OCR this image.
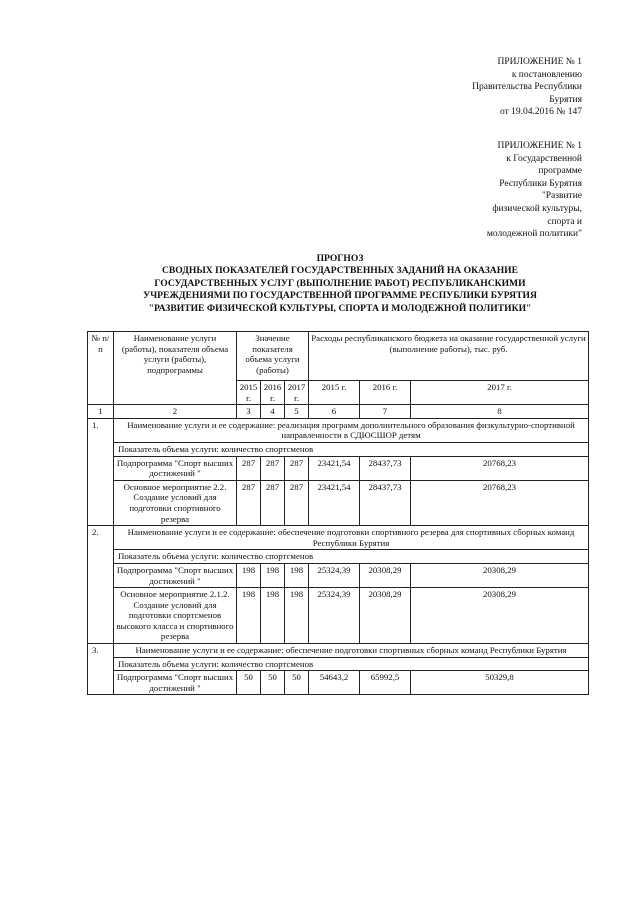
ПРИЛОЖЕНИЕ № 1
к постановлению
Правительства Республики
Бурятия
от 19.04.2016 № 147
ПРИЛОЖЕНИЕ № 1
к Государственной
программе
Республики Бурятия
"Развитие
физической культуры,
спорта и
молодежной политики"
ПРОГНОЗ
СВОДНЫХ ПОКАЗАТЕЛЕЙ ГОСУДАРСТВЕННЫХ ЗАДАНИЙ НА ОКАЗАНИЕ
ГОСУДАРСТВЕННЫХ УСЛУГ (ВЫПОЛНЕНИЕ РАБОТ) РЕСПУБЛИКАНСКИМИ
УЧРЕЖДЕНИЯМИ ПО ГОСУДАРСТВЕННОЙ ПРОГРАММЕ РЕСПУБЛИКИ БУРЯТИЯ
"РАЗВИТИЕ ФИЗИЧЕСКОЙ КУЛЬТУРЫ, СПОРТА И МОЛОДЕЖНОЙ ПОЛИТИКИ"
№ п/п	Наименование услуги (работы), показателя объема услуги (работы), подпрограммы	Значение показателя объема услуги (работы)			Расходы республиканского бюджета на оказание государственной услуги (выполнение работы), тыс. руб.		
		2015 г.	2016 г.	2017 г.	2015 г.	2016 г.	2017 г.
1	2	3	4	5	6	7	8
1.	Наименование услуги и ее содержание: реализация программ дополнительного образования физкультурно-спортивной направленности в СДЮСШОР детям						
	Показатель объема услуги: количество спортсменов						
	Подпрограмма "Спорт высших достижений "	287	287	287	23421,54	28437,73	20768,23
	Основное мероприятие 2.2. Создание условий для подготовки спортивного резерва	287	287	287	23421,54	28437,73	20768,23
2.	Наименование услуги и ее содержание: обеспечение подготовки спортивного резерва для спортивных сборных команд Республики Бурятия						
	Показатель объема услуги: количество спортсменов						
	Подпрограмма "Спорт высших достижений "	198	198	198	25324,39	20308,29	20308,29
	Основное мероприятие 2.1.2. Создание условий для подготовки спортсменов высокого класса и спортивного резерва	198	198	198	25324,39	20308,29	20308,29
3.	Наименование услуги и ее содержание: обеспечение подготовки спортивных сборных команд Республики Бурятия						
	Показатель объема услуги: количество спортсменов						
	Подпрограмма "Спорт высших достижений "	50	50	50	54643,2	65992,5	50329,8
